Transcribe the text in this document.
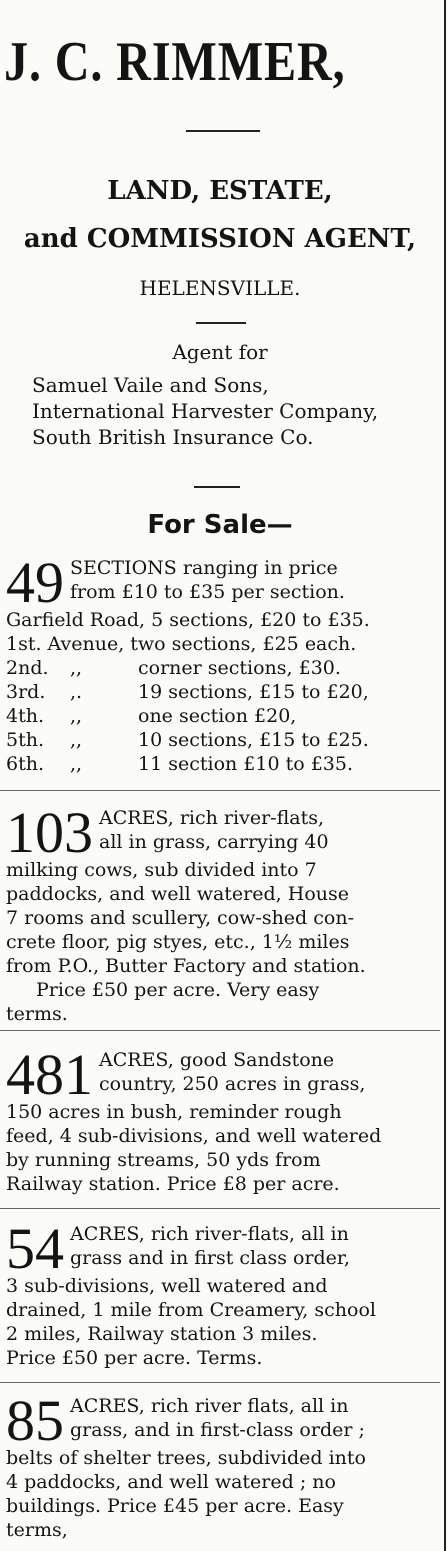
J. C. RIMMER,
LAND, ESTATE,
and COMMISSION AGENT,
HELENSVILLE.
Agent for
Samuel Vaile and Sons,
International Harvester Company,
South British Insurance Co.
For Sale—
49 SECTIONS ranging in price
from £10 to £35 per section.
Garfield Road, 5 sections, £20 to £35.
1st. Avenue, two sections, £25 each.
2nd.	,,	corner sections, £30.
3rd.	,.	19 sections, £15 to £20,
4th.	,,	one section £20,
5th.	,,	10 sections, £15 to £25.
6th.	,,	11 section £10 to £35.
103 ACRES, rich river-flats,
all in grass, carrying 40
milking cows, sub divided into 7
paddocks, and well watered, House
7 rooms and scullery, cow-shed con-
crete floor, pig styes, etc., 1½ miles
from P.O., Butter Factory and station.
Price £50 per acre. Very easy
terms.
481 ACRES, good Sandstone
country, 250 acres in grass,
150 acres in bush, reminder rough
feed, 4 sub-divisions, and well watered
by running streams, 50 yds from
Railway station. Price £8 per acre.
54 ACRES, rich river-flats, all in
grass and in first class order,
3 sub-divisions, well watered and
drained, 1 mile from Creamery, school
2 miles, Railway station 3 miles.
Price £50 per acre. Terms.
85 ACRES, rich river flats, all in
grass, and in first-class order ;
belts of shelter trees, subdivided into
4 paddocks, and well watered ; no
buildings. Price £45 per acre. Easy
terms,
